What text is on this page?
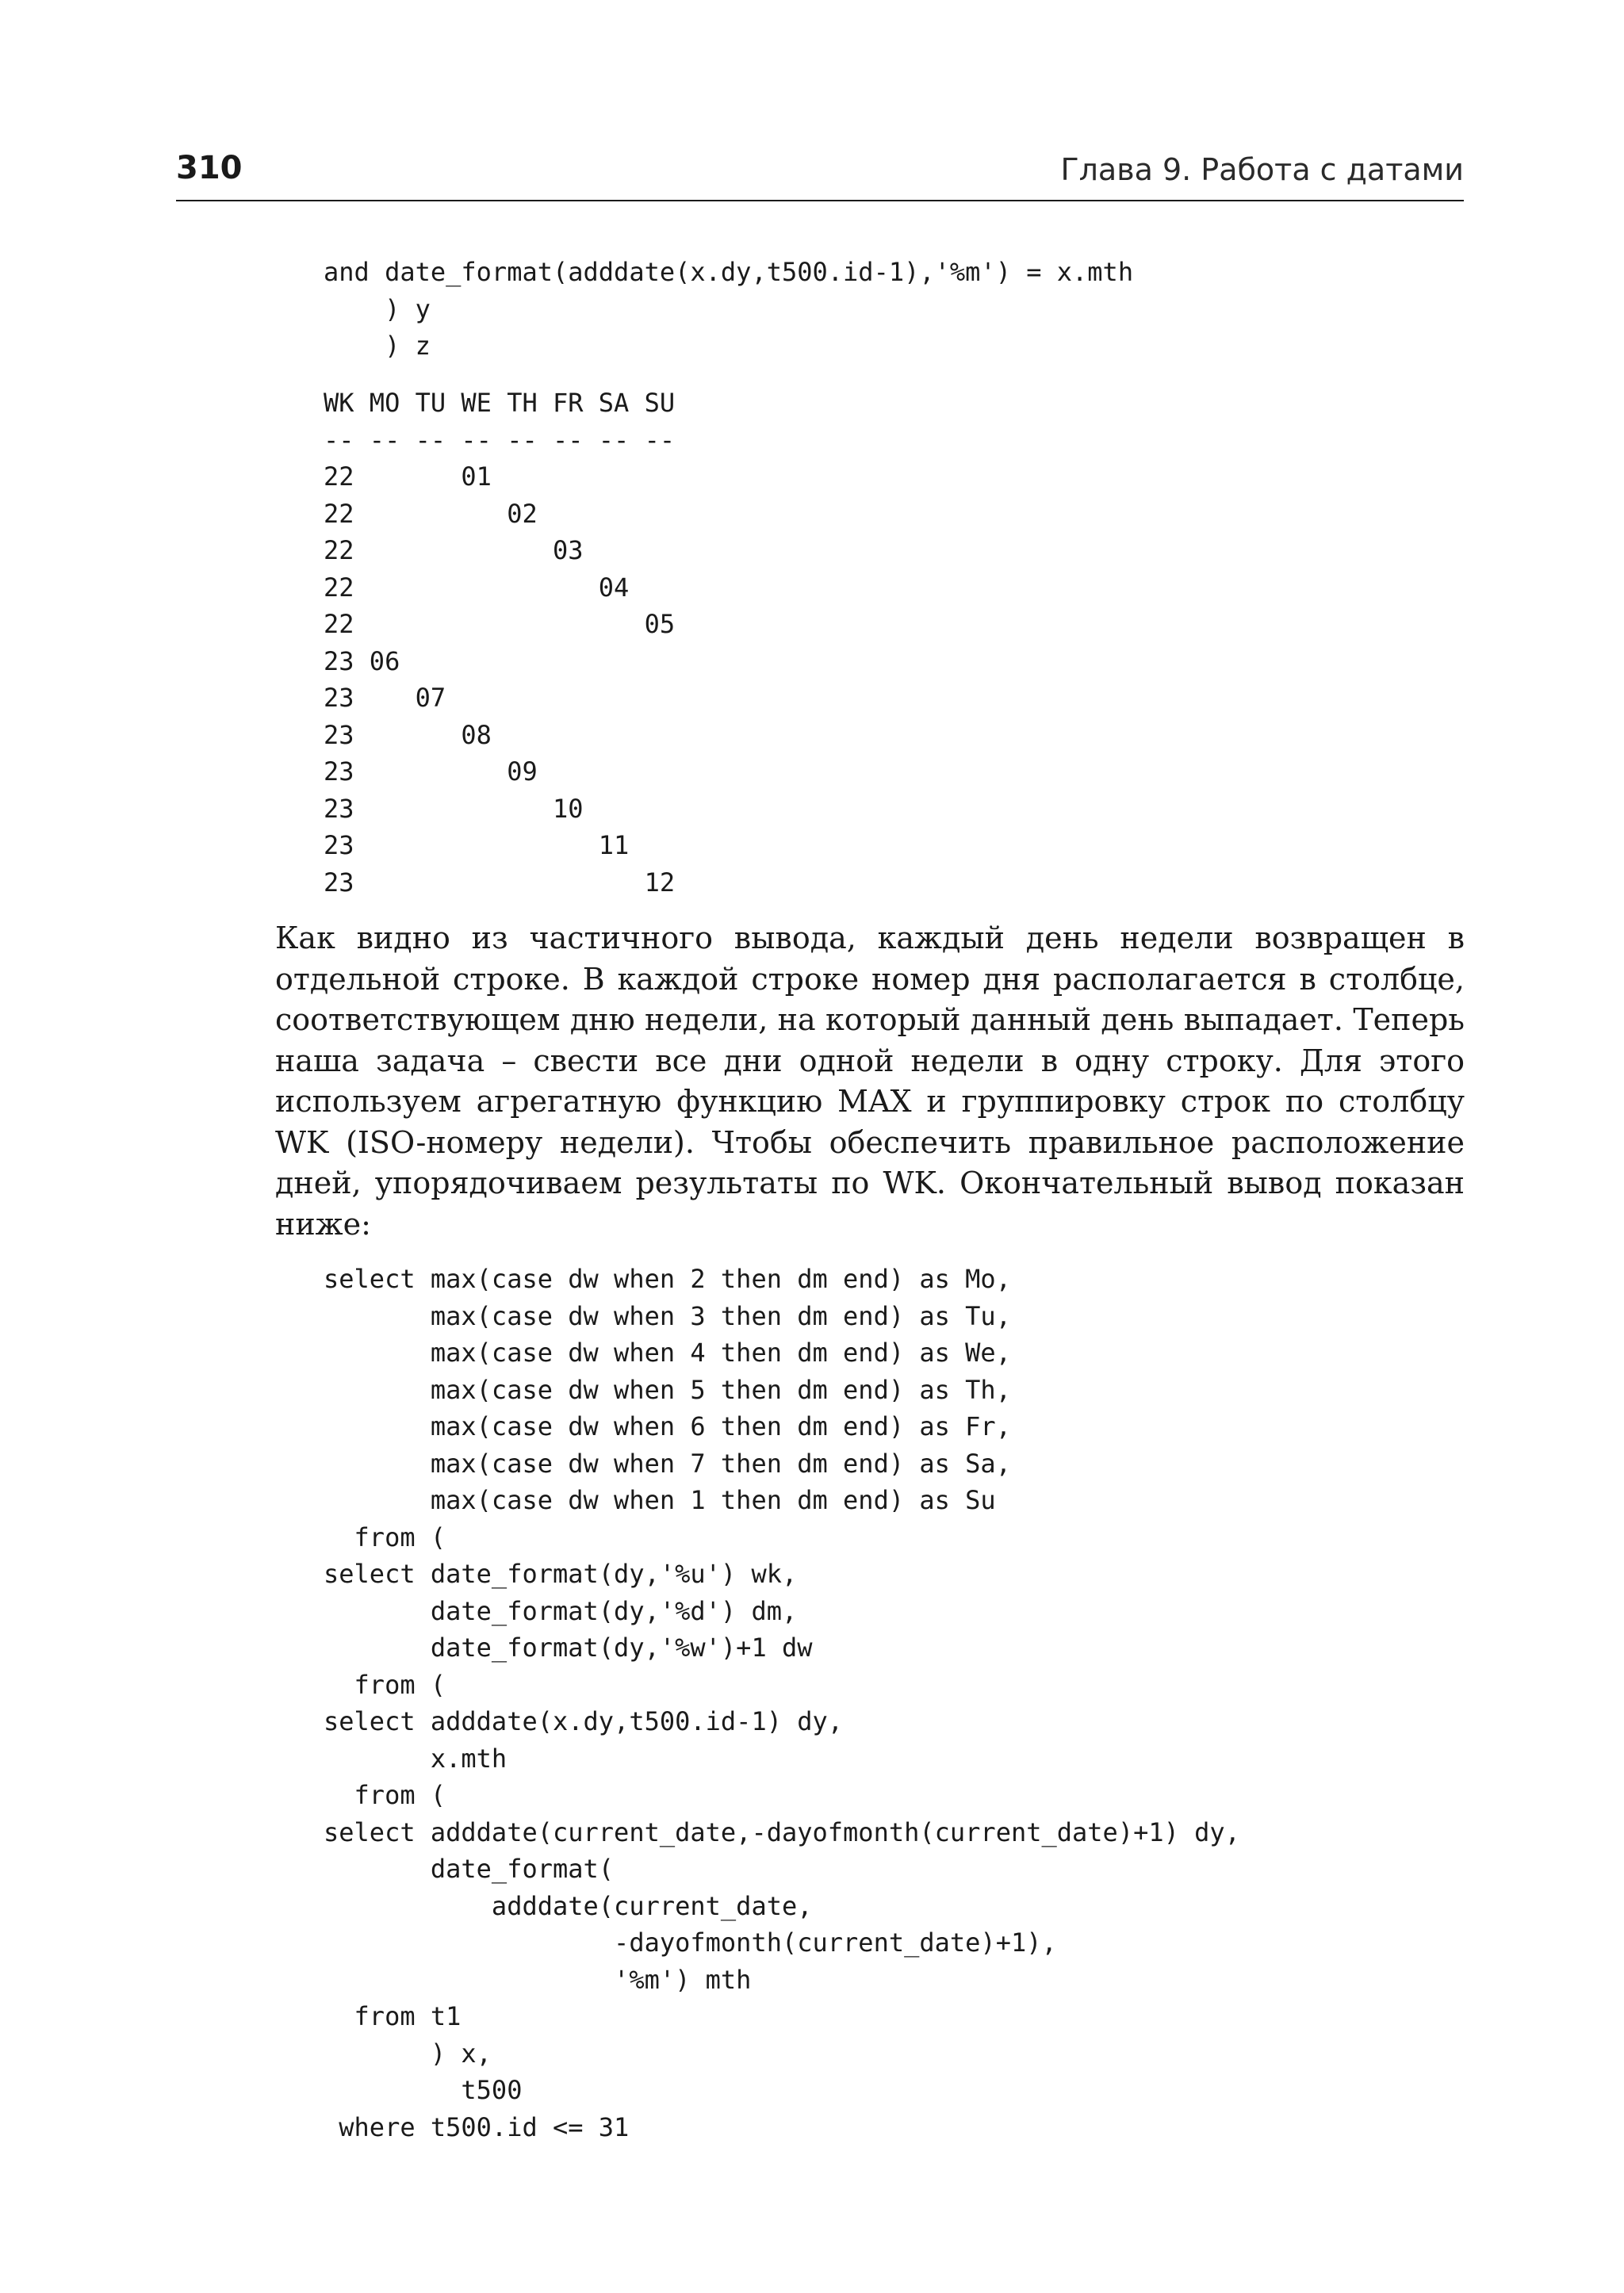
310	Глава 9. Работа с датами
and date_format(adddate(x.dy,t500.id-1),'%m') = x.mth
) y
) z
WK MO TU WE TH FR SA SU
-- -- -- -- -- -- -- --
22       01
22          02
22             03
22                04
22                   05
23 06
23    07
23       08
23          09
23             10
23                11
23                   12
Как видно из частичного вывода, каждый день недели возвращен в отдельной строке. В каждой строке номер дня располагается в столбце, соответствующем дню недели, на который данный день выпадает. Теперь наша задача – свести все дни одной недели в одну строку. Для этого используем агрегатную функцию MAX и группировку строк по столбцу WK (ISO-номеру недели). Чтобы обеспечить правильное расположение дней, упорядочиваем результаты по WK. Окончательный вывод показан ниже:
select max(case dw when 2 then dm end) as Mo,
max(case dw when 3 then dm end) as Tu,
max(case dw when 4 then dm end) as We,
max(case dw when 5 then dm end) as Th,
max(case dw when 6 then dm end) as Fr,
max(case dw when 7 then dm end) as Sa,
max(case dw when 1 then dm end) as Su
from (
select date_format(dy,'%u') wk,
date_format(dy,'%d') dm,
date_format(dy,'%w')+1 dw
from (
select adddate(x.dy,t500.id-1) dy,
x.mth
from (
select adddate(current_date,-dayofmonth(current_date)+1) dy,
date_format(
adddate(current_date,
-dayofmonth(current_date)+1),
'%m') mth
from t1
) x,
t500
where t500.id <= 31
